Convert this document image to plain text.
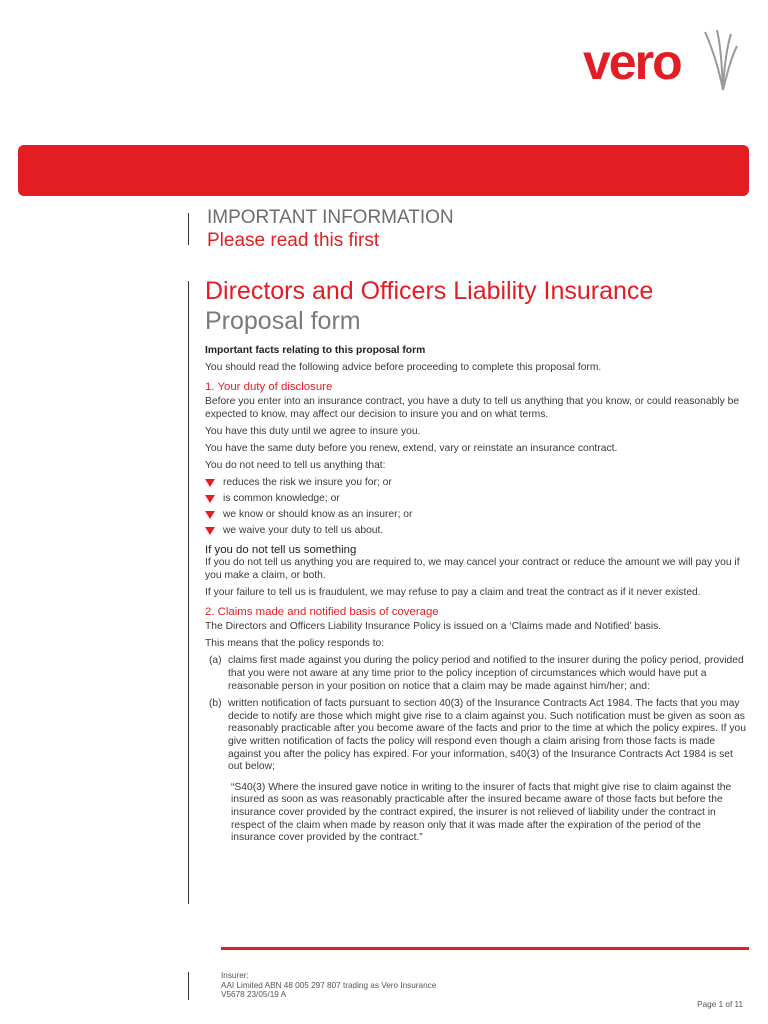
vero
IMPORTANT INFORMATION
Please read this first
Directors and Officers Liability Insurance
Proposal form

Important facts relating to this proposal form

You should read the following advice before proceeding to complete this proposal form.

1. Your duty of disclosure

Before you enter into an insurance contract, you have a duty to tell us anything that you know, or could reasonably be expected to know, may affect our decision to insure you and on what terms.

You have this duty until we agree to insure you.

You have the same duty before you renew, extend, vary or reinstate an insurance contract.

You do not need to tell us anything that:

reduces the risk we insure you for; or
is common knowledge; or
we know or should know as an insurer; or
we waive your duty to tell us about.
If you do not tell us something

If you do not tell us anything you are required to, we may cancel your contract or reduce the amount we will pay you if you make a claim, or both.

If your failure to tell us is fraudulent, we may refuse to pay a claim and treat the contract as if it never existed.

2. Claims made and notified basis of coverage

The Directors and Officers Liability Insurance Policy is issued on a ‘Claims made and Notified’ basis.

This means that the policy responds to:

(a) claims first made against you during the policy period and notified to the insurer during the policy period, provided that you were not aware at any time prior to the policy inception of circumstances which would have put a reasonable person in your position on notice that a claim may be made against him/her; and:
(b) written notification of facts pursuant to section 40(3) of the Insurance Contracts Act 1984. The facts that you may decide to notify are those which might give rise to a claim against you. Such notification must be given as soon as reasonably practicable after you become aware of the facts and prior to the time at which the policy expires. If you give written notification of facts the policy will respond even though a claim arising from those facts is made against you after the policy has expired. For your information, s40(3) of the Insurance Contracts Act 1984 is set out below;
“S40(3) Where the insured gave notice in writing to the insurer of facts that might give rise to claim against the insured as soon as was reasonably practicable after the insured became aware of those facts but before the insurance cover provided by the contract expired, the insurer is not relieved of liability under the contract in respect of the claim when made by reason only that it was made after the expiration of the period of the insurance cover provided by the contract.”
Insurer:
AAI Limited ABN 48 005 297 807 trading as Vero Insurance
V5678 23/05/19 A
Page 1 of 11
